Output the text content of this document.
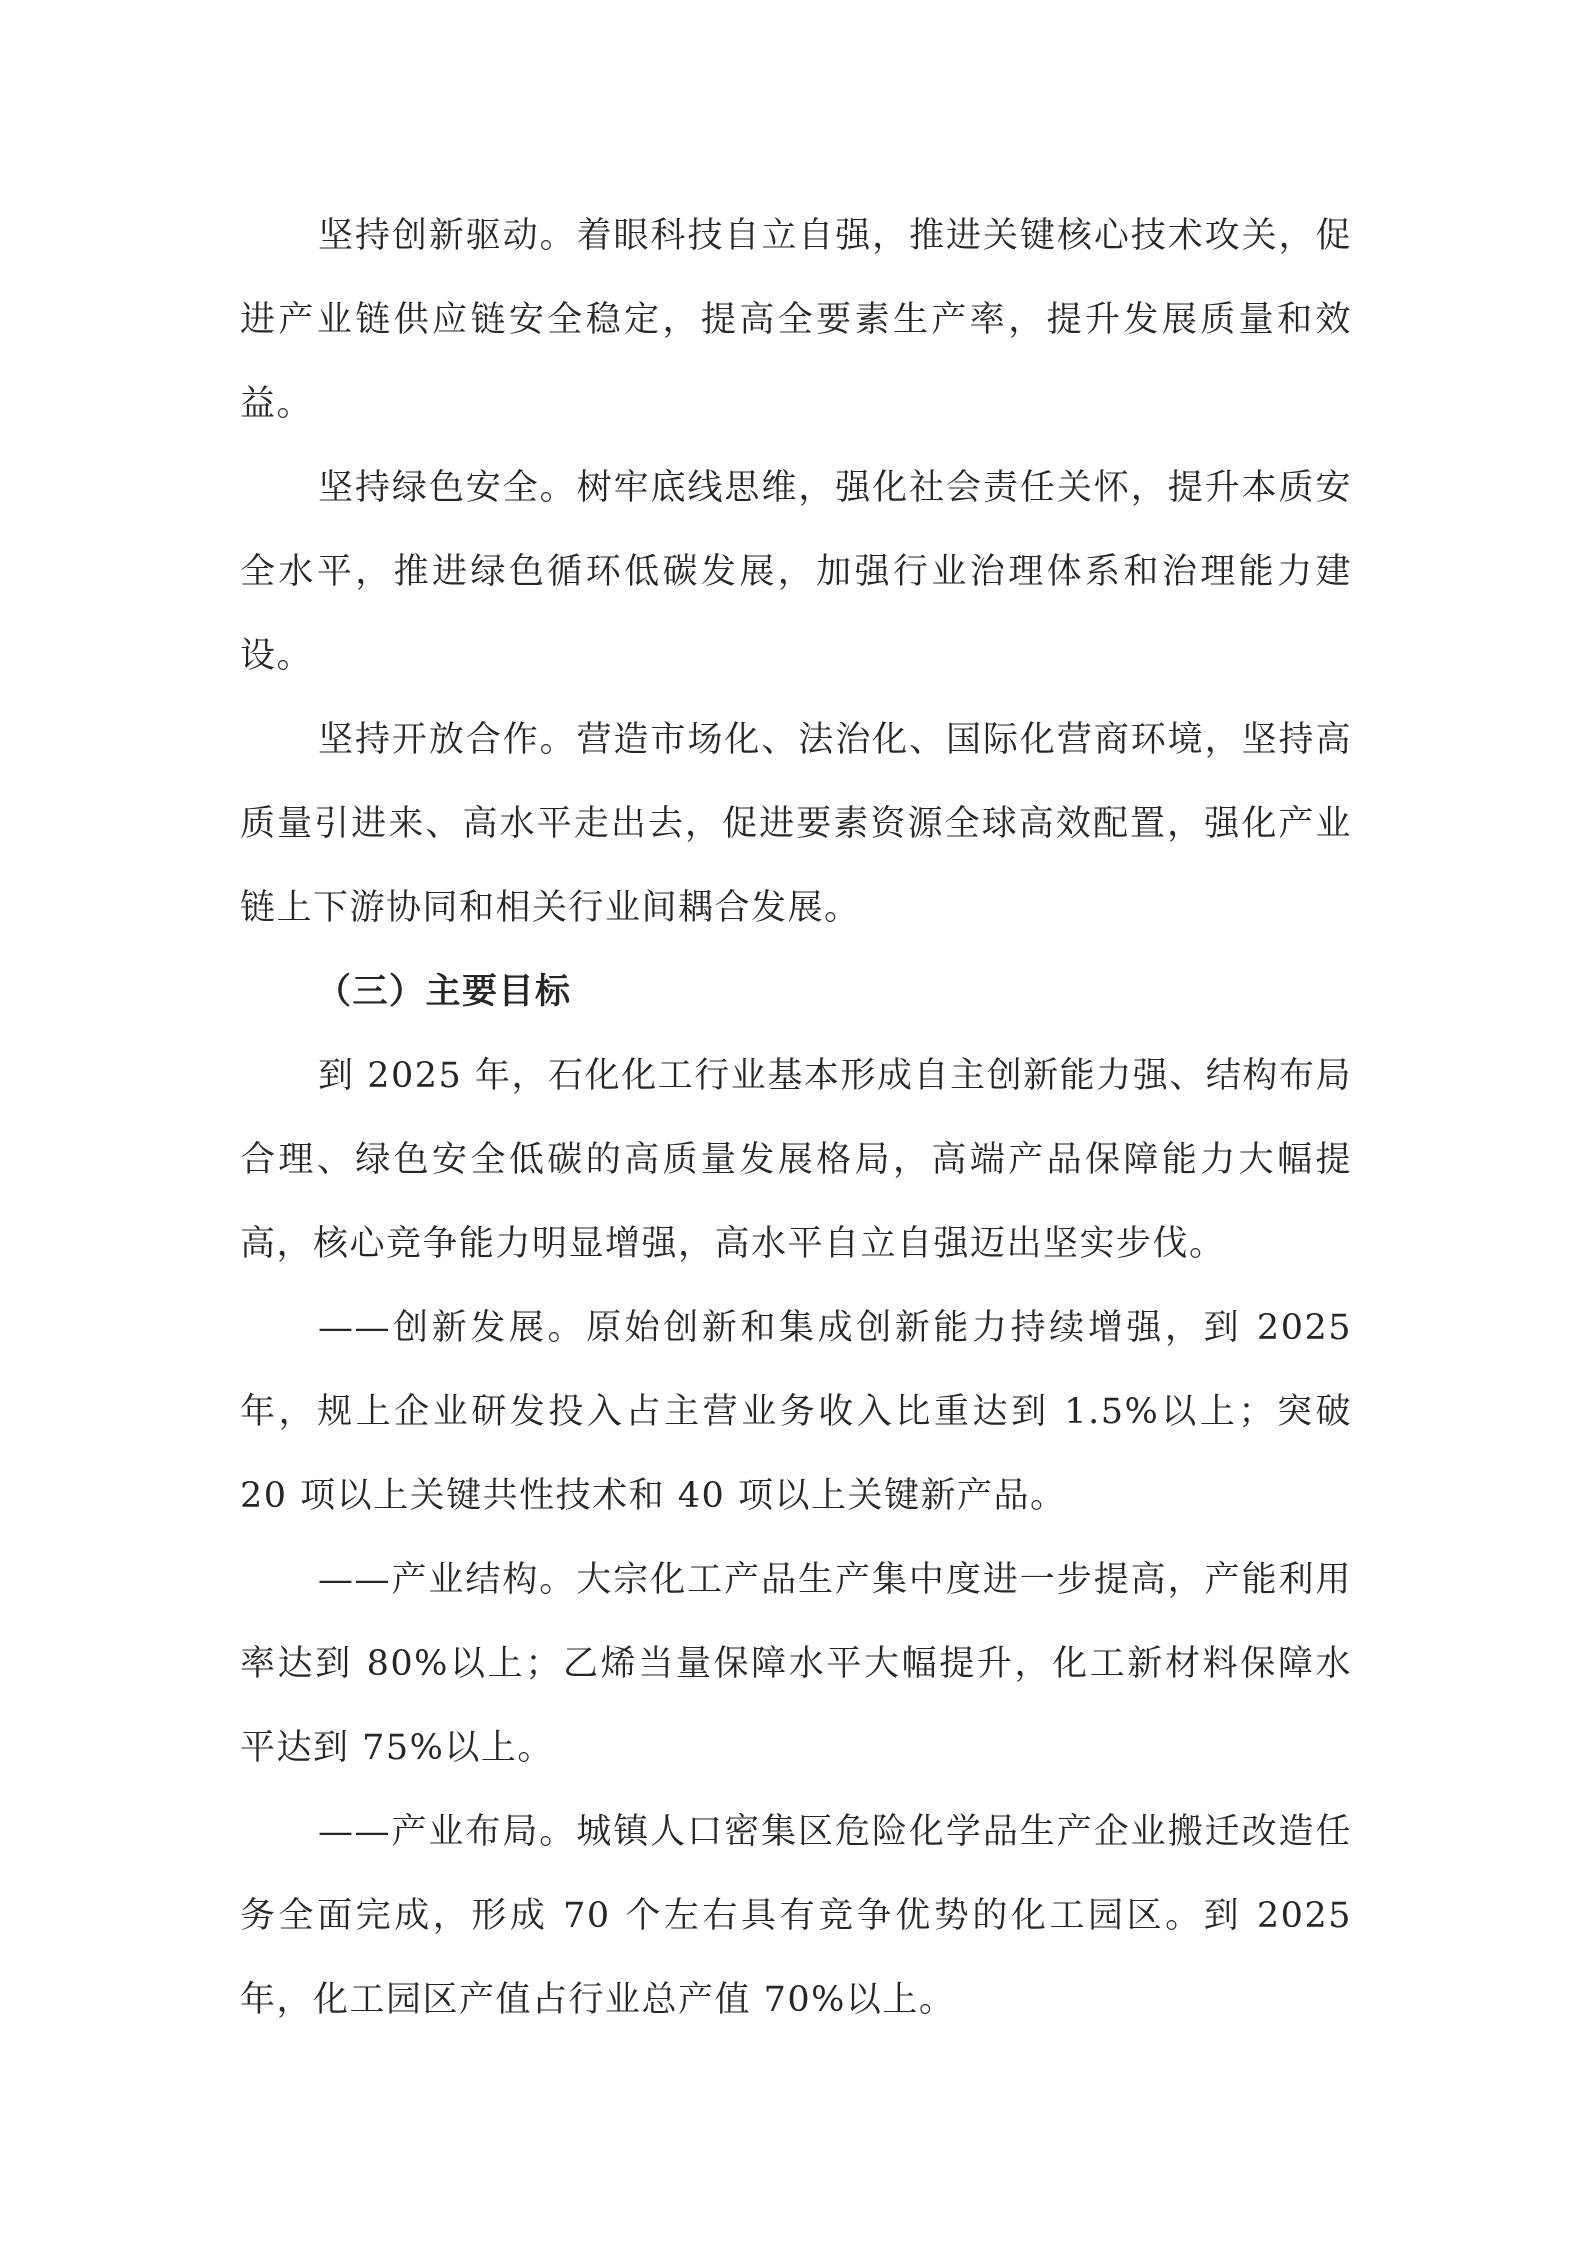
坚持创新驱动。着眼科技自立自强，推进关键核心技术攻关，促进产业链供应链安全稳定，提高全要素生产率，提升发展质量和效益。

坚持绿色安全。树牢底线思维，强化社会责任关怀，提升本质安全水平，推进绿色循环低碳发展，加强行业治理体系和治理能力建设。

坚持开放合作。营造市场化、法治化、国际化营商环境，坚持高质量引进来、高水平走出去，促进要素资源全球高效配置，强化产业链上下游协同和相关行业间耦合发展。

（三）主要目标

到 2025 年，石化化工行业基本形成自主创新能力强、结构布局合理、绿色安全低碳的高质量发展格局，高端产品保障能力大幅提高，核心竞争能力明显增强，高水平自立自强迈出坚实步伐。

——创新发展。原始创新和集成创新能力持续增强，到 2025 年，规上企业研发投入占主营业务收入比重达到 1.5%以上；突破 20 项以上关键共性技术和 40 项以上关键新产品。

——产业结构。大宗化工产品生产集中度进一步提高，产能利用率达到 80%以上；乙烯当量保障水平大幅提升，化工新材料保障水平达到 75%以上。

——产业布局。城镇人口密集区危险化学品生产企业搬迁改造任务全面完成，形成 70 个左右具有竞争优势的化工园区。到 2025 年，化工园区产值占行业总产值 70%以上。
